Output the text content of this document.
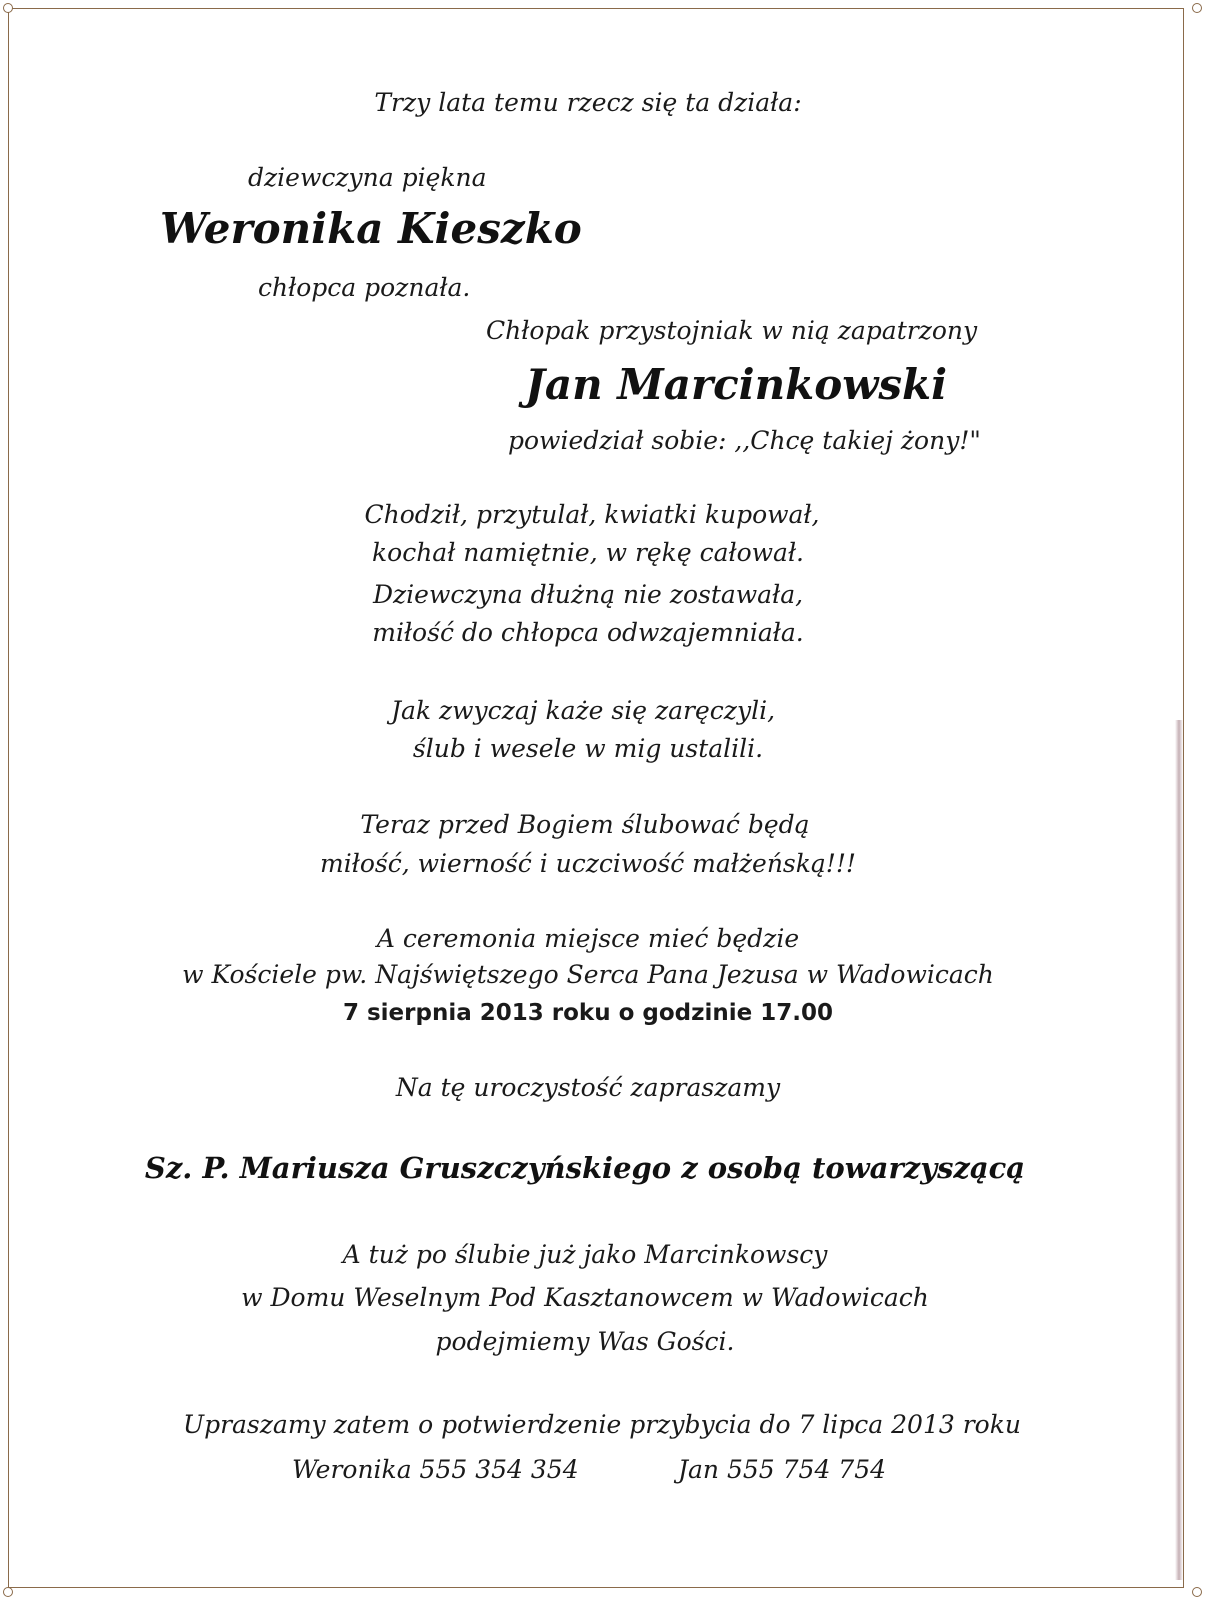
Trzy lata temu rzecz się ta działa:

dziewczyna piękna

Weronika Kieszko

chłopca poznała.

Chłopak przystojniak w nią zapatrzony

Jan Marcinkowski

powiedział sobie: ,,Chcę takiej żony!"

Chodził, przytulał, kwiatki kupował,

kochał namiętnie, w rękę całował.

Dziewczyna dłużną nie zostawała,

miłość do chłopca odwzajemniała.

Jak zwyczaj każe się zaręczyli,

ślub i wesele w mig ustalili.

Teraz przed Bogiem ślubować będą

miłość, wierność i uczciwość małżeńską!!!

A ceremonia miejsce mieć będzie

w Kościele pw. Najświętszego Serca Pana Jezusa w Wadowicach

7 sierpnia 2013 roku o godzinie 17.00

Na tę uroczystość zapraszamy

Sz. P. Mariusza Gruszczyńskiego z osobą towarzyszącą

A tuż po ślubie już jako Marcinkowscy

w Domu Weselnym Pod Kasztanowcem w Wadowicach

podejmiemy Was Gości.

Upraszamy zatem o potwierdzenie przybycia do 7 lipca 2013 roku

Weronika 555 354 354	Jan 555 754 754
